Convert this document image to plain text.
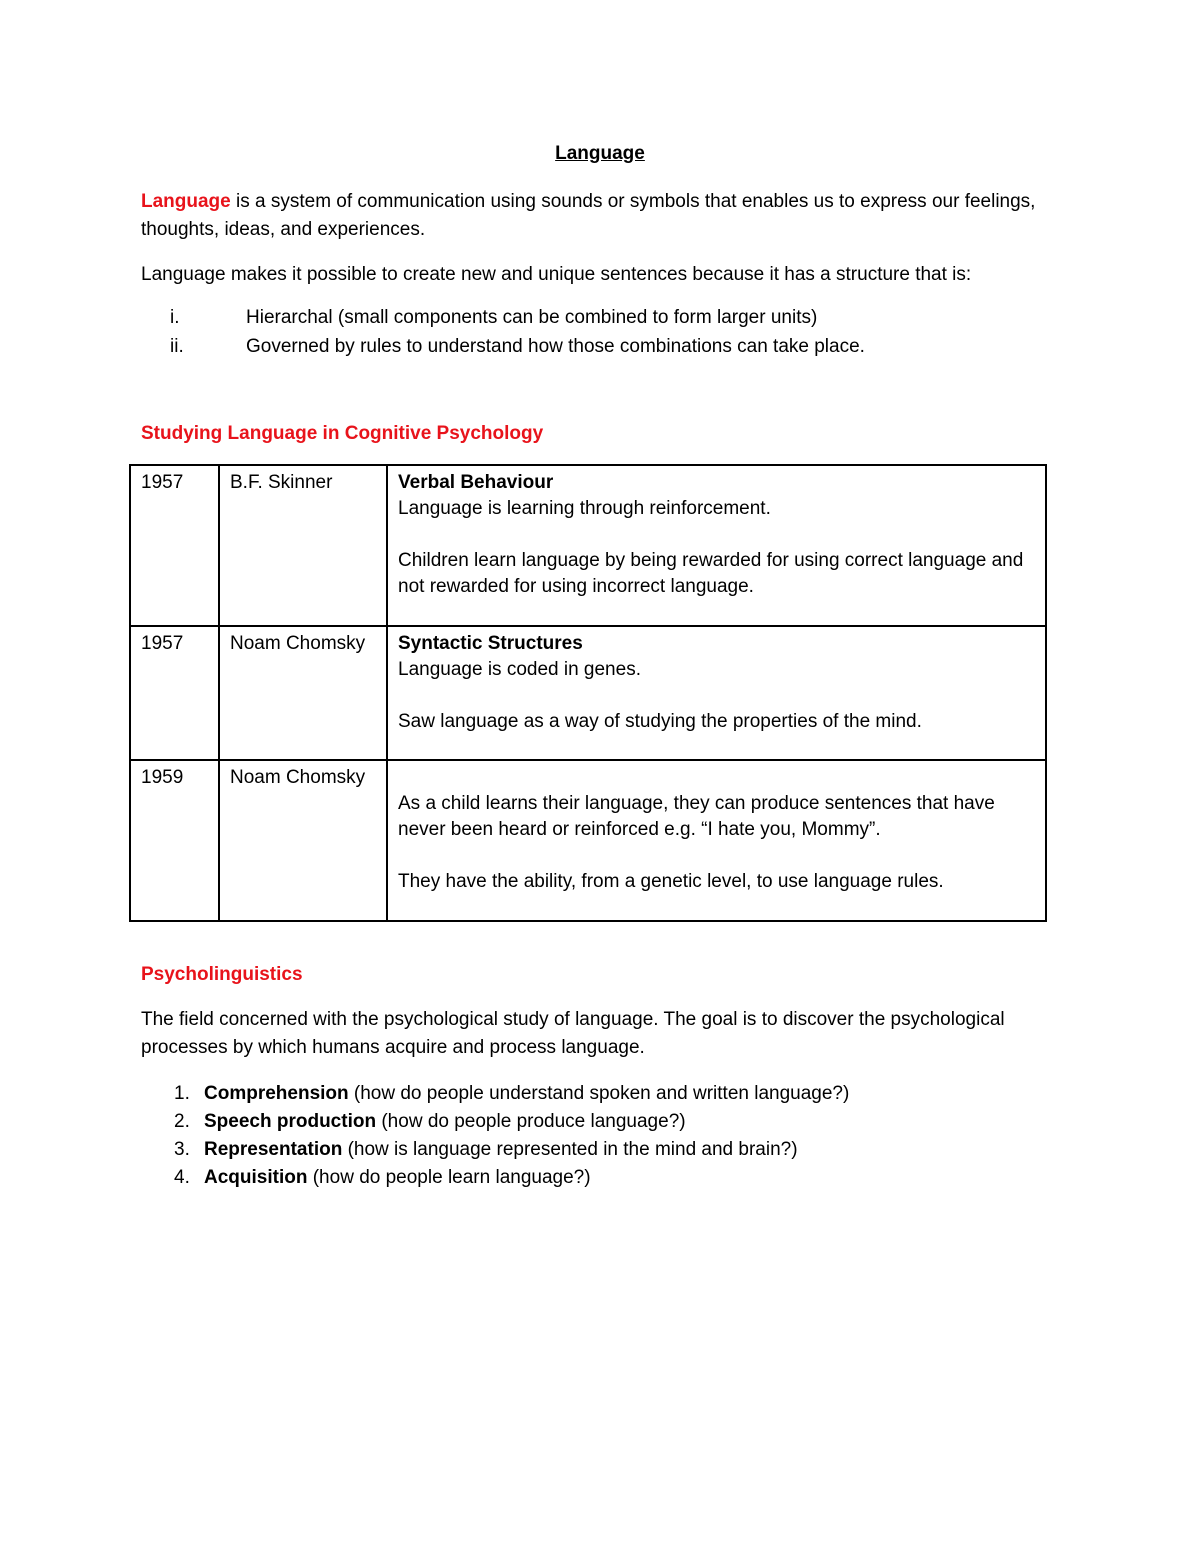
Language
Language is a system of communication using sounds or symbols that enables us to express our feelings, thoughts, ideas, and experiences.
Language makes it possible to create new and unique sentences because it has a structure that is:
i.	Hierarchal (small components can be combined to form larger units)
ii.	Governed by rules to understand how those combinations can take place.
Studying Language in Cognitive Psychology
1957	B.F. Skinner	Verbal Behaviour
Language is learning through reinforcement.
Children learn language by being rewarded for using correct language and not rewarded for using incorrect language.

1957	Noam Chomsky	Syntactic Structures
Language is coded in genes.
Saw language as a way of studying the properties of the mind.

1959	Noam Chomsky	As a child learns their language, they can produce sentences that have never been heard or reinforced e.g. “I hate you, Mommy”.
They have the ability, from a genetic level, to use language rules.
Psycholinguistics
The field concerned with the psychological study of language. The goal is to discover the psychological processes by which humans acquire and process language.
1. Comprehension (how do people understand spoken and written language?)
2. Speech production (how do people produce language?)
3. Representation (how is language represented in the mind and brain?)
4. Acquisition (how do people learn language?)
